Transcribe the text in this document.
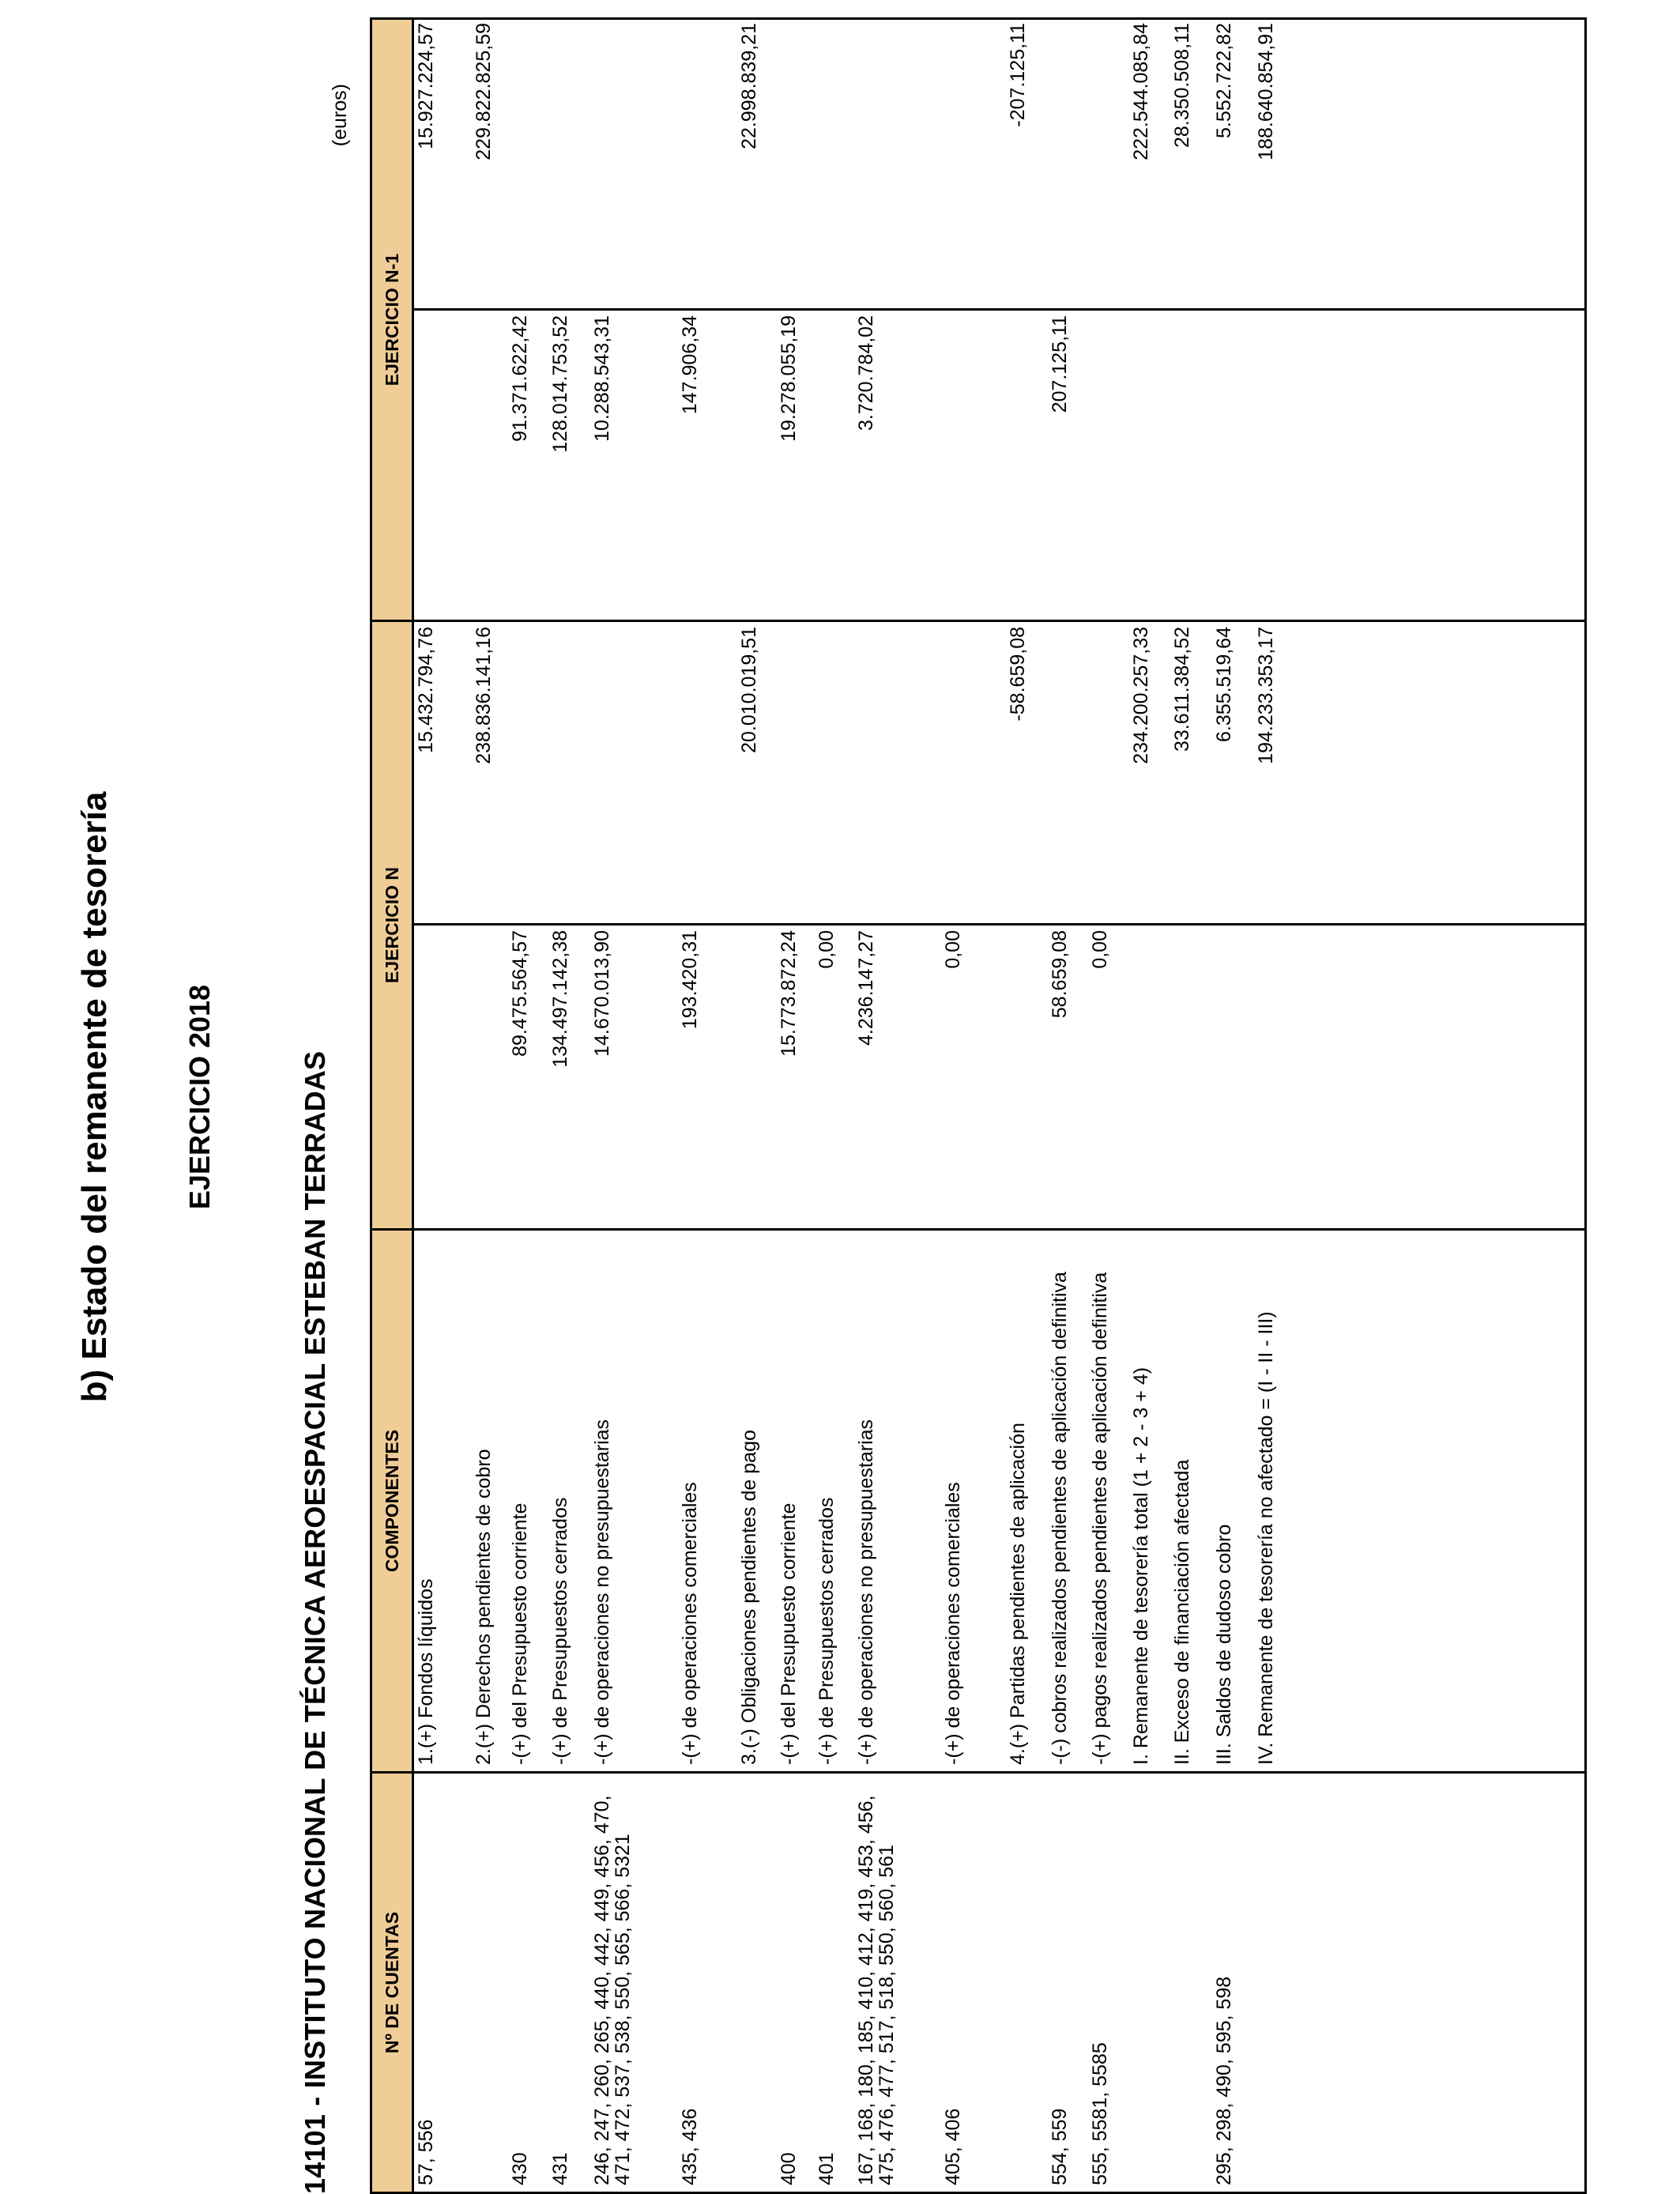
b) Estado del remanente de tesorería EJERCICIO 2018	14101 - INSTITUTO NACIONAL DE TÉCNICA AEROESPACIAL ESTEBAN TERRADAS
(euros)
Nº DE CUENTAS
COMPONENTES
EJERCICIO N
EJERCICIO N-1
57, 556
1.(+) Fondos líquidos
15.432.794,76
15.927.224,57
2.(+) Derechos pendientes de cobro
238.836.141,16
229.822.825,59
430
-(+) del Presupuesto corriente
89.475.564,57
91.371.622,42
431
-(+) de Presupuestos cerrados
134.497.142,38
128.014.753,52
246, 247, 260, 265, 440, 442, 449, 456, 470, 471, 472, 537, 538, 550, 565, 566, 5321
-(+) de operaciones no presupuestarias
14.670.013,90
10.288.543,31
435, 436
-(+) de operaciones comerciales
193.420,31
147.906,34
3.(-) Obligaciones pendientes de pago
20.010.019,51
22.998.839,21
400
-(+) del Presupuesto corriente
15.773.872,24
19.278.055,19
401
-(+) de Presupuestos cerrados
0,00
167, 168, 180, 185, 410, 412, 419, 453, 456, 475, 476, 477, 517, 518, 550, 560, 561
-(+) de operaciones no presupuestarias
4.236.147,27
3.720.784,02
405, 406
-(+) de operaciones comerciales
0,00
4.(+) Partidas pendientes de aplicación
-58.659,08
-207.125,11
554, 559
-(-) cobros realizados pendientes de aplicación definitiva
58.659,08
207.125,11
555, 5581, 5585
-(+) pagos realizados pendientes de aplicación definitiva
0,00
I. Remanente de tesorería total (1 + 2 - 3 + 4)
234.200.257,33
222.544.085,84
II. Exceso de financiación afectada
33.611.384,52
28.350.508,11
295, 298, 490, 595, 598
III. Saldos de dudoso cobro
6.355.519,64
5.552.722,82
IV. Remanente de tesorería no afectado = (I - II - III)
194.233.353,17
188.640.854,91
